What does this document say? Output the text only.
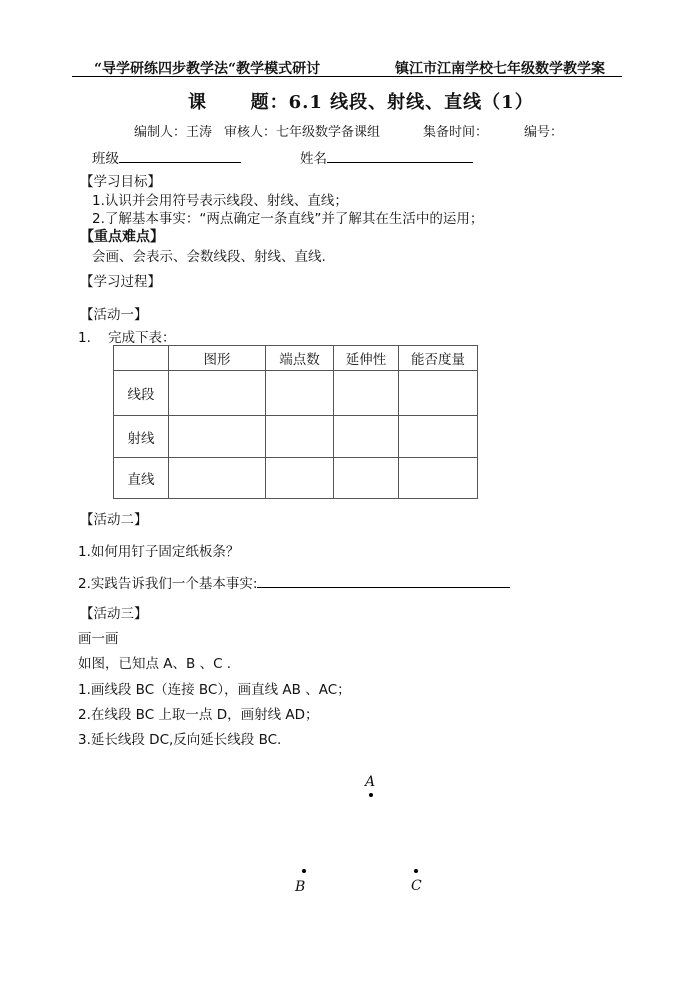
“导学研练四步教学法“教学模式研讨	镇江市江南学校七年级数学教学案
课      题：6.1 线段、射线、直线（1）
编制人：王涛 审核人：七年级数学备课组	集备时间：	编号：
班级	姓名
【学习目标】
1.认识并会用符号表示线段、射线、直线；
2.了解基本事实：“两点确定一条直线”并了解其在生活中的运用；
【重点难点】
会画、会表示、会数线段、射线、直线.
【学习过程】
【活动一】
1.    完成下表：
	图形	端点数	延伸性	能否度量
线段				
射线				
直线				
【活动二】
1.如何用钉子固定纸板条？
2.实践告诉我们一个基本事实:
【活动三】
画一画
如图，已知点 A、B 、C .
1.画线段 BC（连接 BC），画直线 AB 、AC；
2.在线段 BC 上取一点 D，画射线 AD；
3.延长线段 DC,反向延长线段 BC.
A
B	C
